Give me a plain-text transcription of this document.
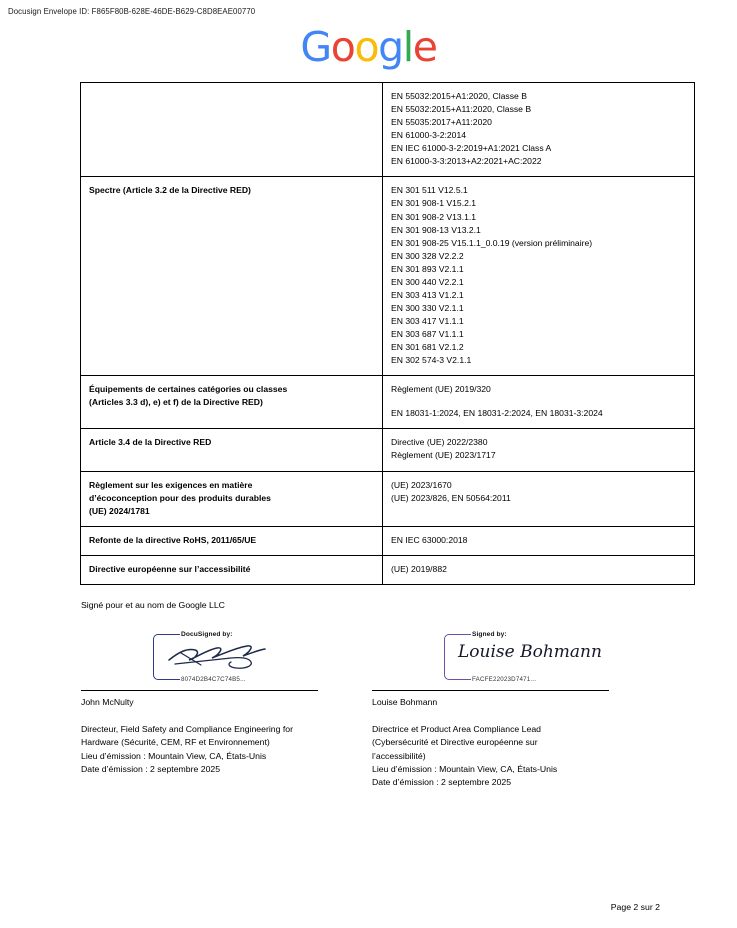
Docusign Envelope ID: F865F80B-628E-46DE-B629-C8D8EAE00770
Google

EN 55032:2015+A1:2020, Classe B
EN 55032:2015+A11:2020, Classe B
EN 55035:2017+A11:2020
EN 61000-3-2:2014
EN IEC 61000-3-2:2019+A1:2021 Class A
EN 61000-3-3:2013+A2:2021+AC:2022

Spectre (Article 3.2 de la Directive RED)	EN 301 511 V12.5.1
EN 301 908-1 V15.2.1
EN 301 908-2 V13.1.1
EN 301 908-13 V13.2.1
EN 301 908-25 V15.1.1_0.0.19 (version préliminaire)
EN 300 328 V2.2.2
EN 301 893 V2.1.1
EN 300 440 V2.2.1
EN 303 413 V1.2.1
EN 300 330 V2.1.1
EN 303 417 V1.1.1
EN 303 687 V1.1.1
EN 301 681 V2.1.2
EN 302 574-3 V2.1.1

Équipements de certaines catégories ou classes
(Articles 3.3 d), e) et f) de la Directive RED)	Règlement (UE) 2019/320
EN 18031-1:2024, EN 18031-2:2024, EN 18031-3:2024

Article 3.4 de la Directive RED	Directive (UE) 2022/2380
Règlement (UE) 2023/1717

Règlement sur les exigences en matière
d’écoconception pour des produits durables
(UE) 2024/1781	(UE) 2023/1670
(UE) 2023/826, EN 50564:2011

Refonte de la directive RoHS, 2011/65/UE	EN IEC 63000:2018

Directive européenne sur l’accessibilité	(UE) 2019/882
Signé pour et au nom de Google LLC
DocuSigned by:
8074D2B4C7C74B5...
John McNulty
Directeur, Field Safety and Compliance Engineering for
Hardware (Sécurité, CEM, RF et Environnement)
Lieu d’émission : Mountain View, CA, États-Unis
Date d’émission : 2 septembre 2025
Signed by:
Louise Bohmann
FACFE22023D7471...
Louise Bohmann
Directrice et Product Area Compliance Lead
(Cybersécurité et Directive européenne sur
l’accessibilité)
Lieu d’émission : Mountain View, CA, États-Unis
Date d’émission : 2 septembre 2025
Page 2 sur 2
